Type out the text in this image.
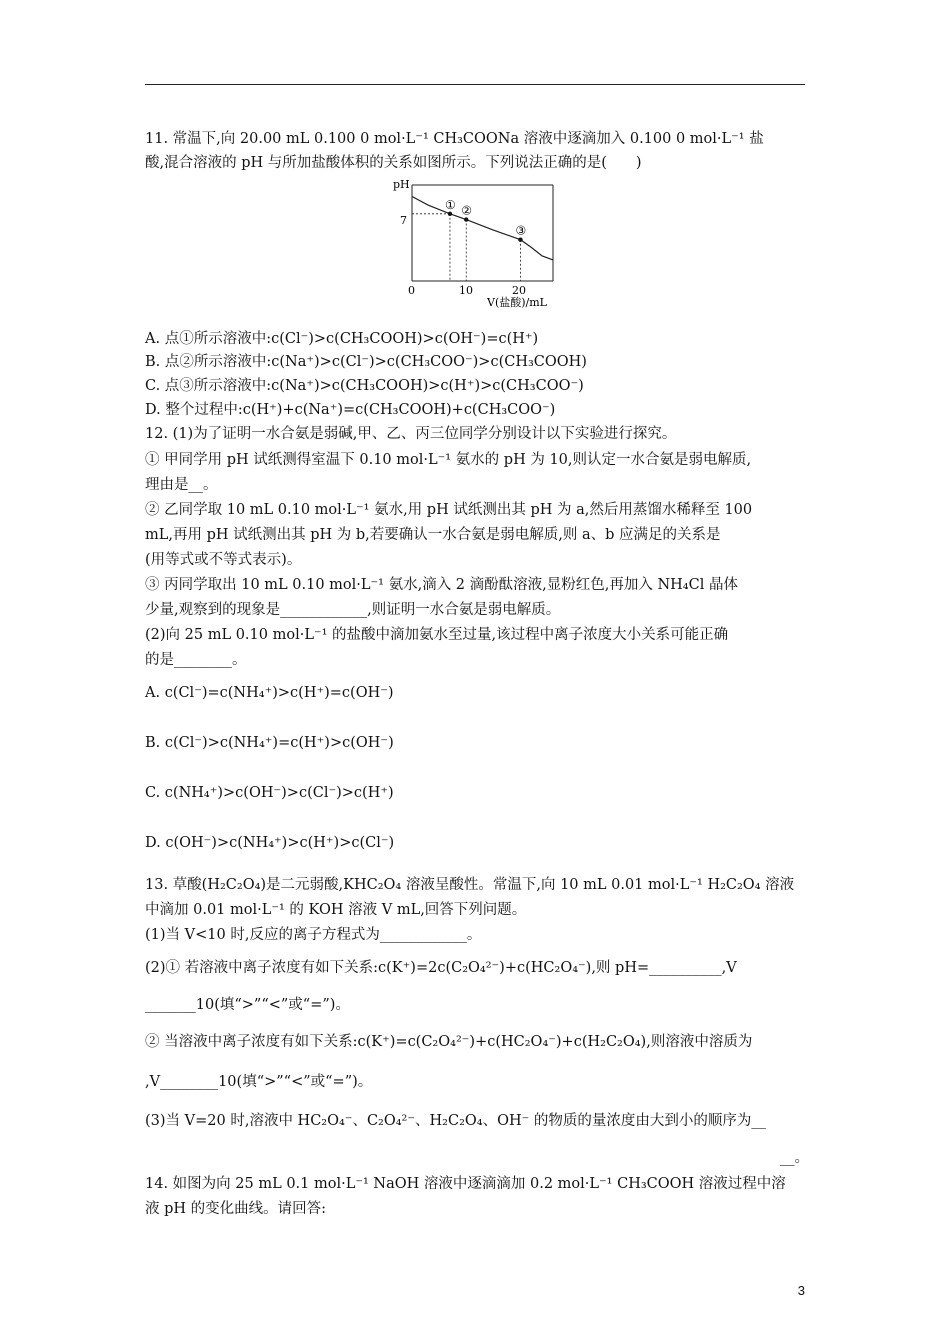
11. 常温下,向 20.00 mL 0.100 0 mol·L⁻¹ CH₃COONa 溶液中逐滴加入 0.100 0 mol·L⁻¹ 盐
酸,混合溶液的 pH 与所加盐酸体积的关系如图所示。下列说法正确的是(　　)
pH
7
0	10	20
V(盐酸)/mL
① ②
③
A. 点①所示溶液中:c(Cl⁻)>c(CH₃COOH)>c(OH⁻)=c(H⁺)
B. 点②所示溶液中:c(Na⁺)>c(Cl⁻)>c(CH₃COO⁻)>c(CH₃COOH)
C. 点③所示溶液中:c(Na⁺)>c(CH₃COOH)>c(H⁺)>c(CH₃COO⁻)
D. 整个过程中:c(H⁺)+c(Na⁺)=c(CH₃COOH)+c(CH₃COO⁻)
12. (1)为了证明一水合氨是弱碱,甲、乙、丙三位同学分别设计以下实验进行探究。
① 甲同学用 pH 试纸测得室温下 0.10 mol·L⁻¹ 氨水的 pH 为 10,则认定一水合氨是弱电解质,
理由是__。
② 乙同学取 10 mL 0.10 mol·L⁻¹ 氨水,用 pH 试纸测出其 pH 为 a,然后用蒸馏水稀释至 100
mL,再用 pH 试纸测出其 pH 为 b,若要确认一水合氨是弱电解质,则 a、b 应满足的关系是
(用等式或不等式表示)。
③ 丙同学取出 10 mL 0.10 mol·L⁻¹ 氨水,滴入 2 滴酚酞溶液,显粉红色,再加入 NH₄Cl 晶体
少量,观察到的现象是____________,则证明一水合氨是弱电解质。
(2)向 25 mL 0.10 mol·L⁻¹ 的盐酸中滴加氨水至过量,该过程中离子浓度大小关系可能正确
的是________。
A. c(Cl⁻)=c(NH₄⁺)>c(H⁺)=c(OH⁻)
B. c(Cl⁻)>c(NH₄⁺)=c(H⁺)>c(OH⁻)
C. c(NH₄⁺)>c(OH⁻)>c(Cl⁻)>c(H⁺)
D. c(OH⁻)>c(NH₄⁺)>c(H⁺)>c(Cl⁻)
13. 草酸(H₂C₂O₄)是二元弱酸,KHC₂O₄ 溶液呈酸性。常温下,向 10 mL 0.01 mol·L⁻¹ H₂C₂O₄ 溶液
中滴加 0.01 mol·L⁻¹ 的 KOH 溶液 V mL,回答下列问题。
(1)当 V<10 时,反应的离子方程式为____________。
(2)① 若溶液中离子浓度有如下关系:c(K⁺)=2c(C₂O₄²⁻)+c(HC₂O₄⁻),则 pH=__________,V
_______10(填“>”“<”或“=”)。
② 当溶液中离子浓度有如下关系:c(K⁺)=c(C₂O₄²⁻)+c(HC₂O₄⁻)+c(H₂C₂O₄),则溶液中溶质为
,V________10(填“>”“<”或“=”)。
(3)当 V=20 时,溶液中 HC₂O₄⁻、C₂O₄²⁻、H₂C₂O₄、OH⁻ 的物质的量浓度由大到小的顺序为__
__。
14. 如图为向 25 mL 0.1 mol·L⁻¹ NaOH 溶液中逐滴滴加 0.2 mol·L⁻¹ CH₃COOH 溶液过程中溶
液 pH 的变化曲线。请回答:
3
